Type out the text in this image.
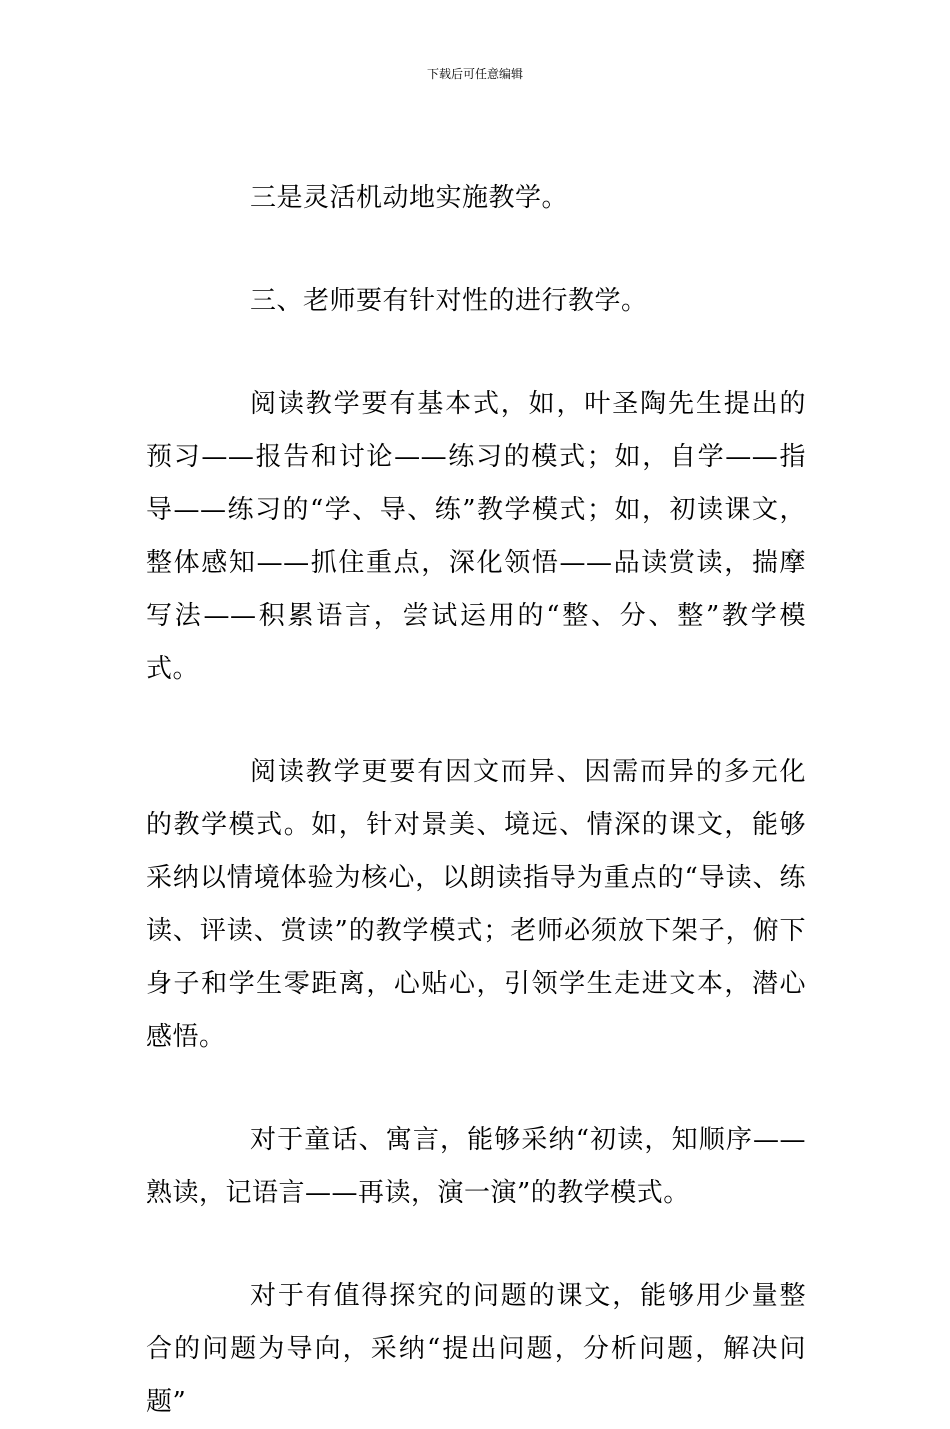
下载后可任意编辑

三是灵活机动地实施教学。

三、老师要有针对性的进行教学。

阅读教学要有基本式，如，叶圣陶先生提出的预习——报告和讨论——练习的模式；如，自学——指导——练习的“学、导、练”教学模式；如，初读课文，整体感知——抓住重点，深化领悟——品读赏读，揣摩写法——积累语言，尝试运用的“整、分、整”教学模式。

阅读教学更要有因文而异、因需而异的多元化的教学模式。如，针对景美、境远、情深的课文，能够采纳以情境体验为核心，以朗读指导为重点的“导读、练读、评读、赏读”的教学模式；老师必须放下架子，俯下身子和学生零距离，心贴心，引领学生走进文本，潜心感悟。

对于童话、寓言，能够采纳“初读，知顺序——熟读，记语言——再读，演一演”的教学模式。

对于有值得探究的问题的课文，能够用少量整合的问题为导向，采纳“提出问题，分析问题，解决问题”
